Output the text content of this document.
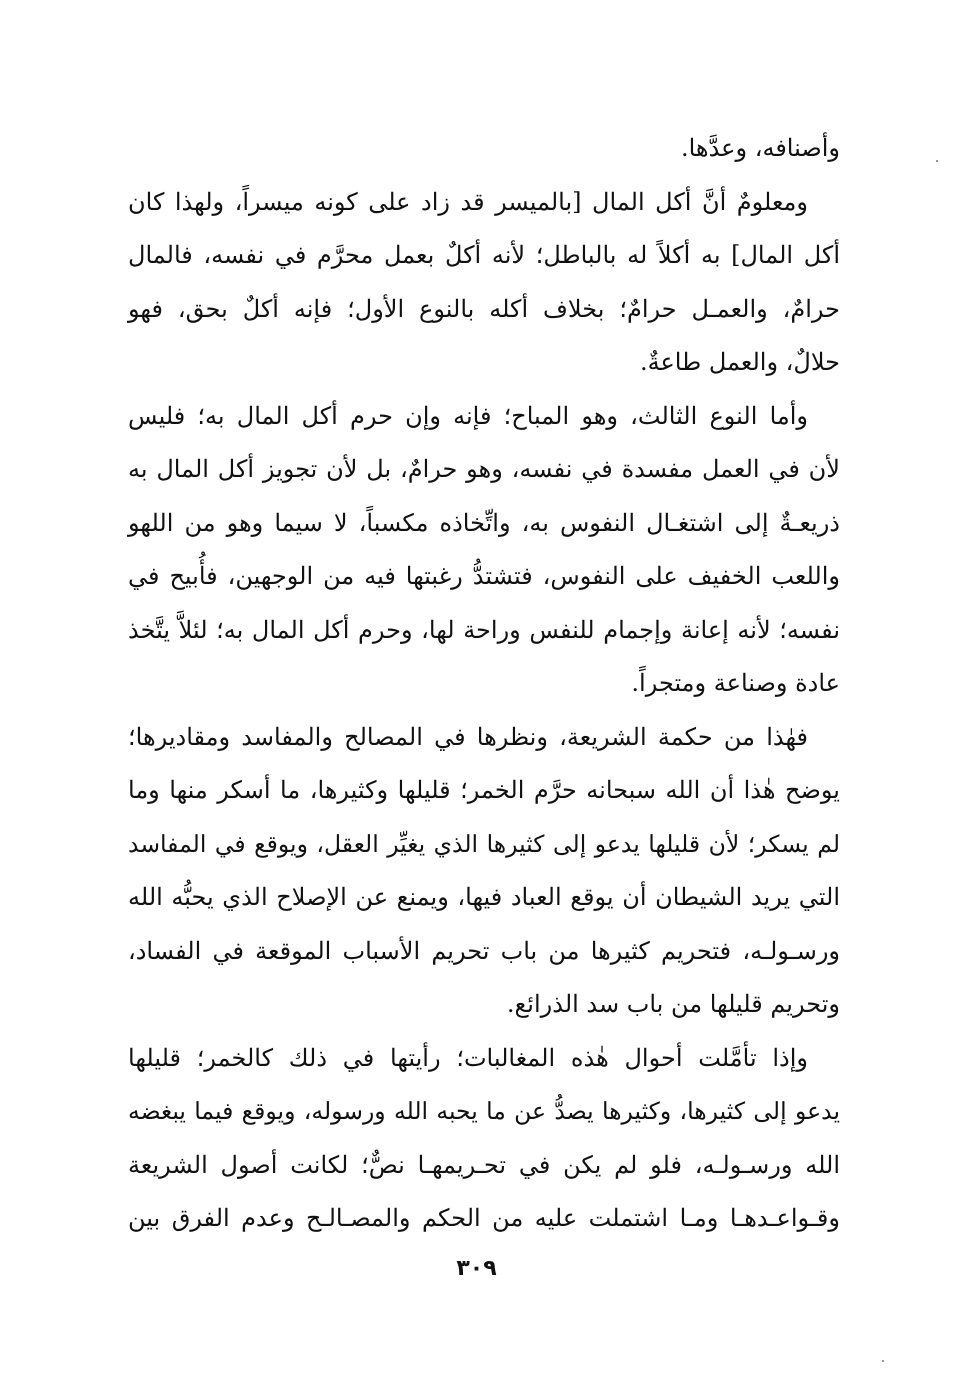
وأصنافه، وعدَّها.
ومعلومٌ أنَّ أكل المال [بالميسر قد زاد على كونه ميسراً، ولهذا كان
أكل المال] به أكلاً له بالباطل؛ لأنه أكلٌ بعمل محرَّم في نفسه، فالمال
حرامٌ، والعمـل حرامٌ؛ بخلاف أكله بالنوع الأول؛ فإنه أكلٌ بحق، فهو
حلالٌ، والعمل طاعةٌ.
وأما النوع الثالث، وهو المباح؛ فإنه وإن حرم أكل المال به؛ فليس
لأن في العمل مفسدة في نفسه، وهو حرامٌ، بل لأن تجويز أكل المال به
ذريعـةٌ إلى اشتغـال النفوس به، واتِّخاذه مكسباً، لا سيما وهو من اللهو
واللعب الخفيف على النفوس، فتشتدُّ رغبتها فيه من الوجهين، فأُبيح في
نفسه؛ لأنه إعانة وإجمام للنفس وراحة لها، وحرم أكل المال به؛ لئلاَّ يتَّخذ
عادة وصناعة ومتجراً.
فهٰذا من حكمة الشريعة، ونظرها في المصالح والمفاسد ومقاديرها؛
يوضح هٰذا أن الله سبحانه حرَّم الخمر؛ قليلها وكثيرها، ما أسكر منها وما
لم يسكر؛ لأن قليلها يدعو إلى كثيرها الذي يغيِّر العقل، ويوقع في المفاسد
التي يريد الشيطان أن يوقع العباد فيها، ويمنع عن الإصلاح الذي يحبُّه الله
ورسـولـه، فتحريم كثيرها من باب تحريم الأسباب الموقعة في الفساد،
وتحريم قليلها من باب سد الذرائع.
وإذا تأمَّلت أحوال هٰذه المغالبات؛ رأيتها في ذلك كالخمر؛ قليلها
يدعو إلى كثيرها، وكثيرها يصدُّ عن ما يحبه الله ورسوله، ويوقع فيما يبغضه
الله ورسـولـه، فلو لم يكن في تحـريمهـا نصٌّ؛ لكانت أصول الشريعة
وقـواعـدهـا ومـا اشتملت عليه من الحكم والمصـالـح وعدم الفرق بين
٣٠٩
